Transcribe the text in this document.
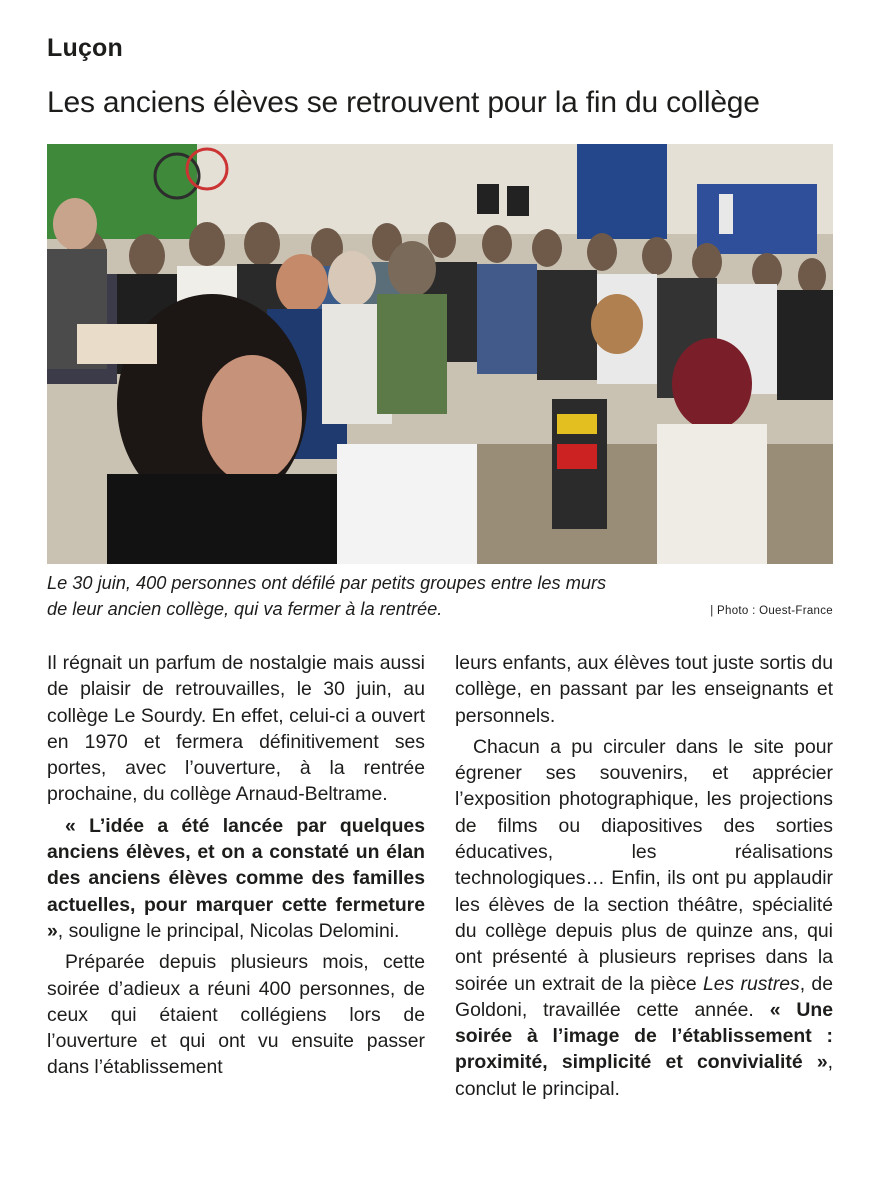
Luçon
Les anciens élèves se retrouvent pour la fin du collège
Le 30 juin, 400 personnes ont défilé par petits groupes entre les murs
de leur ancien collège, qui va fermer à la rentrée.	| Photo : Ouest-France

Il régnait un parfum de nostalgie mais aussi de plaisir de retrouvailles, le 30 juin, au collège Le Sourdy. En effet, celui-ci a ouvert en 1970 et fermera définitivement ses portes, avec l’ouverture, à la rentrée prochaine, du collège Arnaud-Beltrame.

« L’idée a été lancée par quelques anciens élèves, et on a constaté un élan des anciens élèves comme des familles actuelles, pour marquer cette fermeture », souligne le principal, Nicolas Delomini.

Préparée depuis plusieurs mois, cette soirée d’adieux a réuni 400 personnes, de ceux qui étaient collégiens lors de l’ouverture et qui ont vu ensuite passer dans l’établissement

leurs enfants, aux élèves tout juste sortis du collège, en passant par les enseignants et personnels.

Chacun a pu circuler dans le site pour égrener ses souvenirs, et apprécier l’exposition photographique, les projections de films ou diapositives des sorties éducatives, les réalisations technologiques… Enfin, ils ont pu applaudir les élèves de la section théâtre, spécialité du collège depuis plus de quinze ans, qui ont présenté à plusieurs reprises dans la soirée un extrait de la pièce Les rustres, de Goldoni, travaillée cette année. « Une soirée à l’image de l’établissement : proximité, simplicité et convivialité », conclut le principal.
